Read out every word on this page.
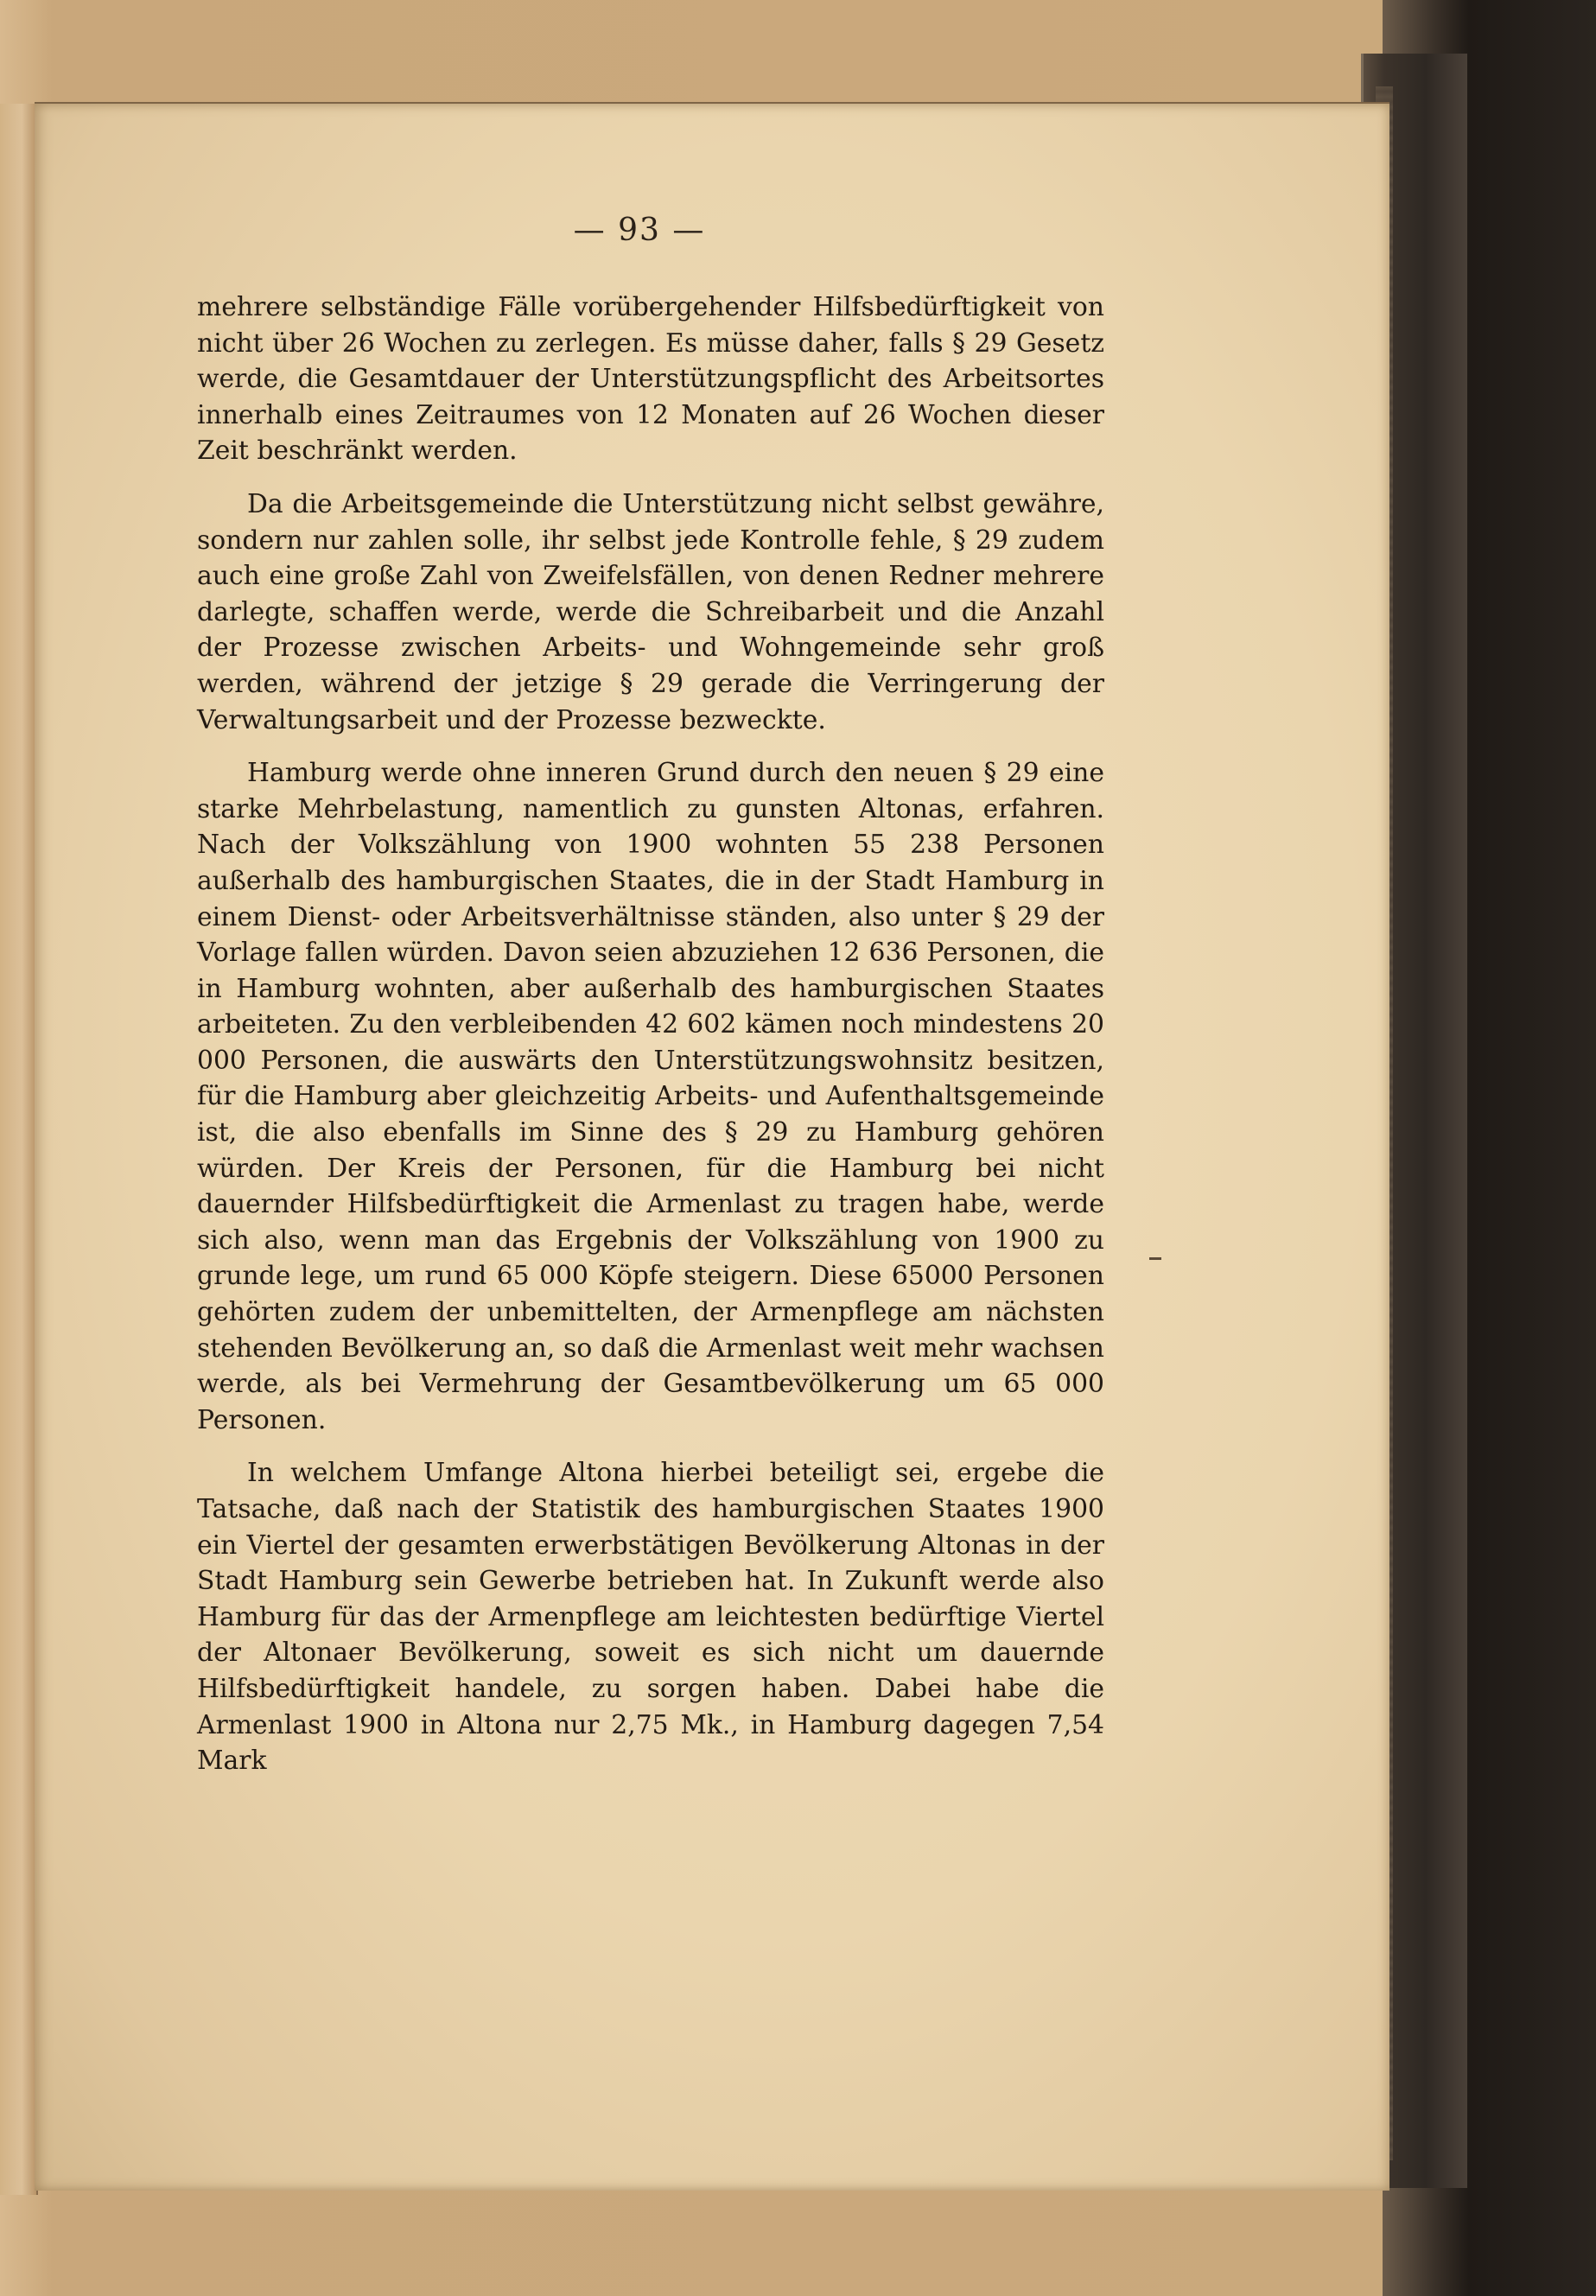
— 93 —

mehrere selbständige Fälle vorübergehender Hilfsbedürftigkeit von nicht über 26 Wochen zu zerlegen. Es müsse daher, falls § 29 Gesetz werde, die Gesamtdauer der Unterstützungspflicht des Arbeitsortes innerhalb eines Zeitraumes von 12 Monaten auf 26 Wochen dieser Zeit beschränkt werden.

Da die Arbeitsgemeinde die Unterstützung nicht selbst gewähre, sondern nur zahlen solle, ihr selbst jede Kontrolle fehle, § 29 zudem auch eine große Zahl von Zweifelsfällen, von denen Redner mehrere darlegte, schaffen werde, werde die Schreibarbeit und die Anzahl der Prozesse zwischen Arbeits- und Wohngemeinde sehr groß werden, während der jetzige § 29 gerade die Verringerung der Verwaltungsarbeit und der Prozesse bezweckte.

Hamburg werde ohne inneren Grund durch den neuen § 29 eine starke Mehrbelastung, namentlich zu gunsten Altonas, erfahren. Nach der Volkszählung von 1900 wohnten 55 238 Personen außerhalb des hamburgischen Staates, die in der Stadt Hamburg in einem Dienst- oder Arbeitsverhältnisse ständen, also unter § 29 der Vorlage fallen würden. Davon seien abzuziehen 12 636 Personen, die in Hamburg wohnten, aber außerhalb des hamburgischen Staates arbeiteten. Zu den verbleibenden 42 602 kämen noch mindestens 20 000 Personen, die auswärts den Unterstützungswohnsitz besitzen, für die Hamburg aber gleichzeitig Arbeits- und Aufenthaltsgemeinde ist, die also ebenfalls im Sinne des § 29 zu Hamburg gehören würden. Der Kreis der Personen, für die Hamburg bei nicht dauernder Hilfsbedürftigkeit die Armenlast zu tragen habe, werde sich also, wenn man das Ergebnis der Volkszählung von 1900 zu grunde lege, um rund 65 000 Köpfe steigern. Diese 65000 Personen gehörten zudem der unbemittelten, der Armenpflege am nächsten stehenden Bevölkerung an, so daß die Armenlast weit mehr wachsen werde, als bei Vermehrung der Gesamtbevölkerung um 65 000 Personen.

In welchem Umfange Altona hierbei beteiligt sei, ergebe die Tatsache, daß nach der Statistik des hamburgischen Staates 1900 ein Viertel der gesamten erwerbstätigen Bevölkerung Altonas in der Stadt Hamburg sein Gewerbe betrieben hat. In Zukunft werde also Hamburg für das der Armenpflege am leichtesten bedürftige Viertel der Altonaer Bevölkerung, soweit es sich nicht um dauernde Hilfsbedürftigkeit handele, zu sorgen haben. Dabei habe die Armenlast 1900 in Altona nur 2,75 Mk., in Hamburg dagegen 7,54 Mark
